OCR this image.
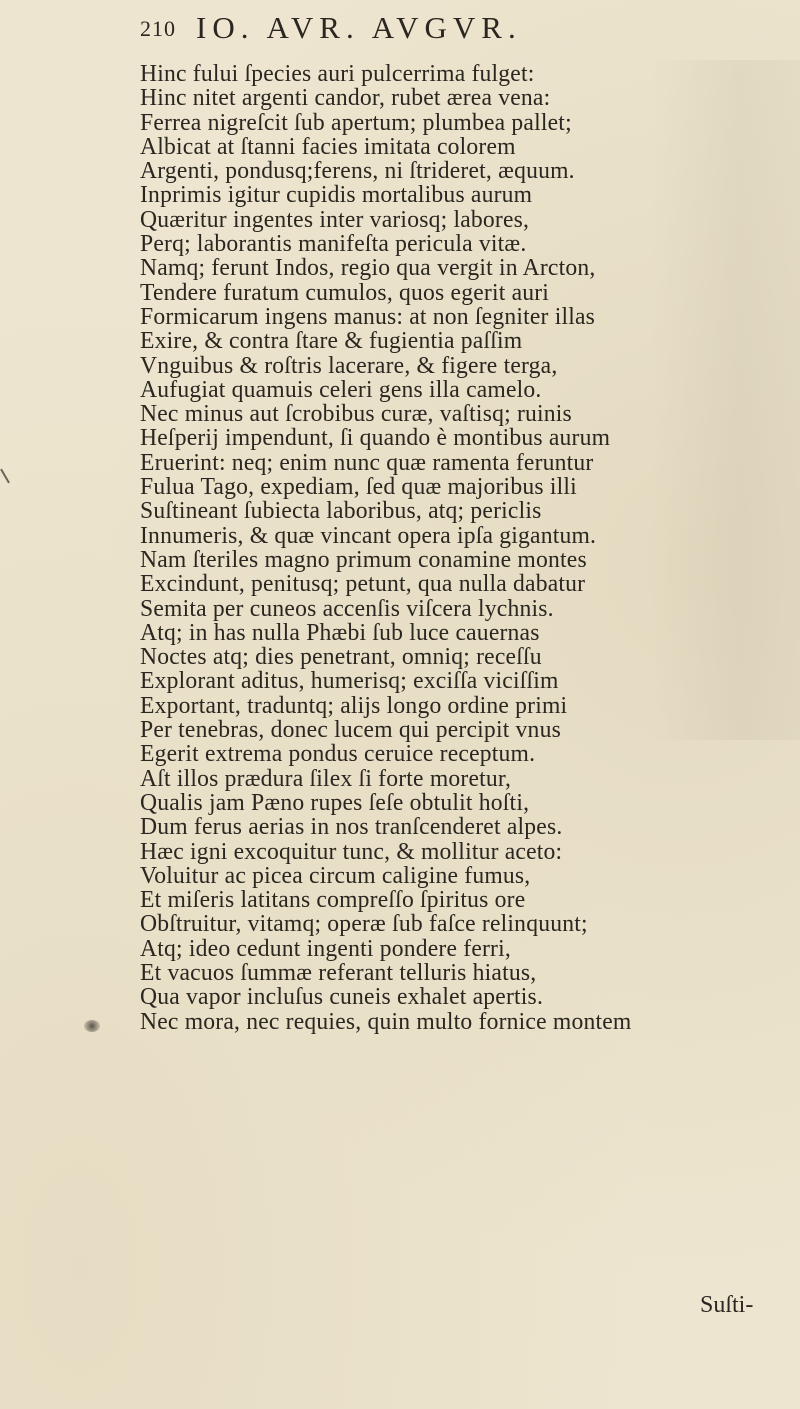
210 IO. AVR. AVGVR.
Hinc fului ſpecies auri pulcerrima fulget:
Hinc nitet argenti candor, rubet ærea vena:
Ferrea nigreſcit ſub apertum; plumbea pallet;
Albicat at ſtanni facies imitata colorem
Argenti, pondusq;ferens, ni ſtrideret, æquum.
Inprimis igitur cupidis mortalibus aurum
Quæritur ingentes inter variosq; labores,
Perq; laborantis manifeſta pericula vitæ.
Namq; ferunt Indos, regio qua vergit in Arcton,
Tendere furatum cumulos, quos egerit auri
Formicarum ingens manus: at non ſegniter illas
Exire, & contra ſtare & fugientia paſſim
Vnguibus & roſtris lacerare, & figere terga,
Aufugiat quamuis celeri gens illa camelo.
Nec minus aut ſcrobibus curæ, vaſtisq; ruinis
Heſperij impendunt, ſi quando è montibus aurum
Eruerint: neq; enim nunc quæ ramenta feruntur
Fulua Tago, expediam, ſed quæ majoribus illi
Suſtineant ſubiecta laboribus, atq; periclis
Innumeris, & quæ vincant opera ipſa gigantum.
Nam ſteriles magno primum conamine montes
Excindunt, penitusq; petunt, qua nulla dabatur
Semita per cuneos accenſis viſcera lychnis.
Atq; in has nulla Phæbi ſub luce cauernas
Noctes atq; dies penetrant, omniq; receſſu
Explorant aditus, humerisq; exciſſa viciſſim
Exportant, traduntq; alijs longo ordine primi
Per tenebras, donec lucem qui percipit vnus
Egerit extrema pondus ceruice receptum.
Aſt illos prædura ſilex ſi forte moretur,
Qualis jam Pæno rupes ſeſe obtulit hoſti,
Dum ferus aerias in nos tranſcenderet alpes.
Hæc igni excoquitur tunc, & mollitur aceto:
Voluitur ac picea circum caligine fumus,
Et miſeris latitans compreſſo ſpiritus ore
Obſtruitur, vitamq; operæ ſub faſce relinquunt;
Atq; ideo cedunt ingenti pondere ferri,
Et vacuos ſummæ referant telluris hiatus,
Qua vapor incluſus cuneis exhalet apertis.
Nec mora, nec requies, quin multo fornice montem
Suſti-
